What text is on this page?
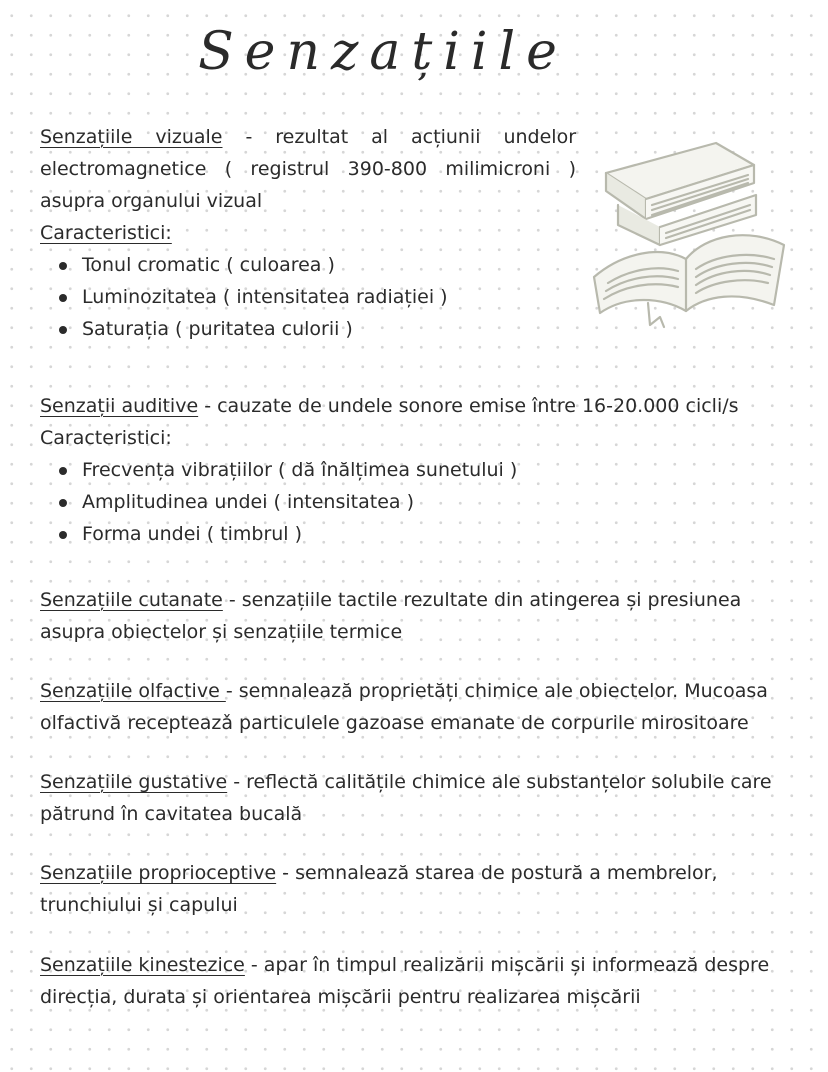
Senzațiile
Senzațiile vizuale - rezultat al acțiunii undelor electromagnetice ( registrul 390-800 milimicroni ) asupra organului vizual
Caracteristici:
Tonul cromatic ( culoarea )
Luminozitatea ( intensitatea radiației )
Saturația ( puritatea culorii )
Senzații auditive - cauzate de undele sonore emise între 16-20.000 cicli/s
Caracteristici:
Frecvența vibrațiilor ( dă înălțimea sunetului )
Amplitudinea undei ( intensitatea )
Forma undei ( timbrul )
Senzațiile cutanate - senzațiile tactile rezultate din atingerea și presiunea asupra obiectelor și senzațiile termice
Senzațiile olfactive - semnalează proprietăți chimice ale obiectelor. Mucoasa olfactivă recepteazǎ particulele gazoase emanate de corpurile mirositoare
Senzațiile gustative - reflectă calitățile chimice ale substanțelor solubile care pătrund în cavitatea bucală
Senzațiile proprioceptive - semnalează starea de postură a membrelor, trunchiului și capului
Senzațiile kinestezice - apar în timpul realizării mișcării și informează despre direcția, durata și orientarea mișcării pentru realizarea mișcării
